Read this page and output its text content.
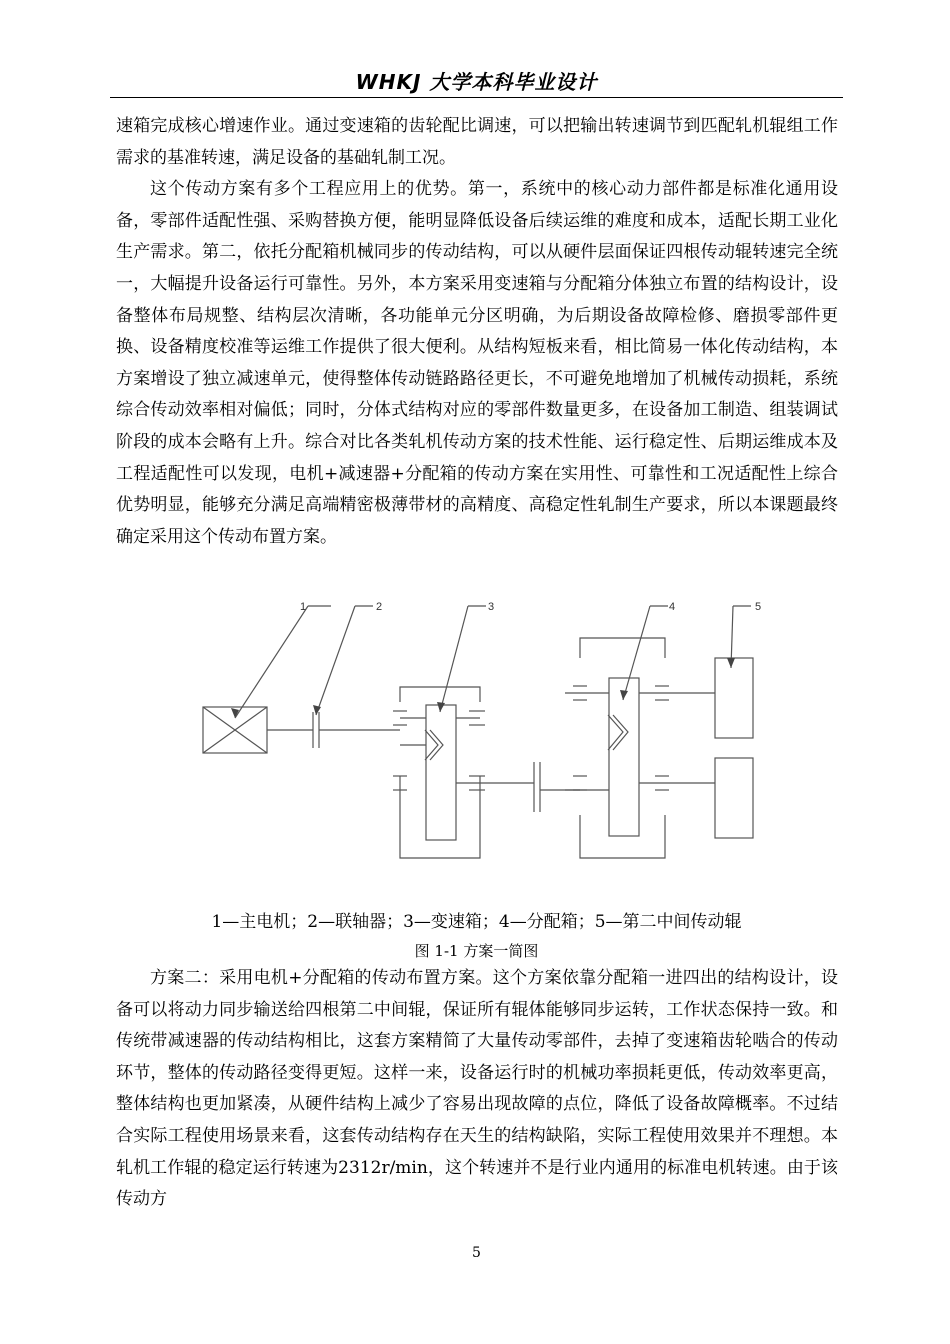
WHKJ 大学本科毕业设计

速箱完成核心增速作业。通过变速箱的齿轮配比调速，可以把输出转速调节到匹配轧机辊组工作需求的基准转速，满足设备的基础轧制工况。

这个传动方案有多个工程应用上的优势。第一，系统中的核心动力部件都是标准化通用设备，零部件适配性强、采购替换方便，能明显降低设备后续运维的难度和成本，适配长期工业化生产需求。第二，依托分配箱机械同步的传动结构，可以从硬件层面保证四根传动辊转速完全统一，大幅提升设备运行可靠性。另外，本方案采用变速箱与分配箱分体独立布置的结构设计，设备整体布局规整、结构层次清晰，各功能单元分区明确，为后期设备故障检修、磨损零部件更换、设备精度校准等运维工作提供了很大便利。从结构短板来看，相比简易一体化传动结构，本方案增设了独立减速单元，使得整体传动链路路径更长，不可避免地增加了机械传动损耗，系统综合传动效率相对偏低；同时，分体式结构对应的零部件数量更多，在设备加工制造、组装调试阶段的成本会略有上升。综合对比各类轧机传动方案的技术性能、运行稳定性、后期运维成本及工程适配性可以发现，电机+减速器+分配箱的传动方案在实用性、可靠性和工况适配性上综合优势明显，能够充分满足高端精密极薄带材的高精度、高稳定性轧制生产要求，所以本课题最终确定采用这个传动布置方案。

1	2	3	4	5
1—主电机；2—联轴器；3—变速箱；4—分配箱；5—第二中间传动辊
图 1-1 方案一简图

方案二：采用电机+分配箱的传动布置方案。这个方案依靠分配箱一进四出的结构设计，设备可以将动力同步输送给四根第二中间辊，保证所有辊体能够同步运转，工作状态保持一致。和传统带减速器的传动结构相比，这套方案精简了大量传动零部件，去掉了变速箱齿轮啮合的传动环节，整体的传动路径变得更短。这样一来，设备运行时的机械功率损耗更低，传动效率更高，整体结构也更加紧凑，从硬件结构上减少了容易出现故障的点位，降低了设备故障概率。不过结合实际工程使用场景来看，这套传动结构存在天生的结构缺陷，实际工程使用效果并不理想。本轧机工作辊的稳定运行转速为2312r/min，这个转速并不是行业内通用的标准电机转速。由于该传动方

5
